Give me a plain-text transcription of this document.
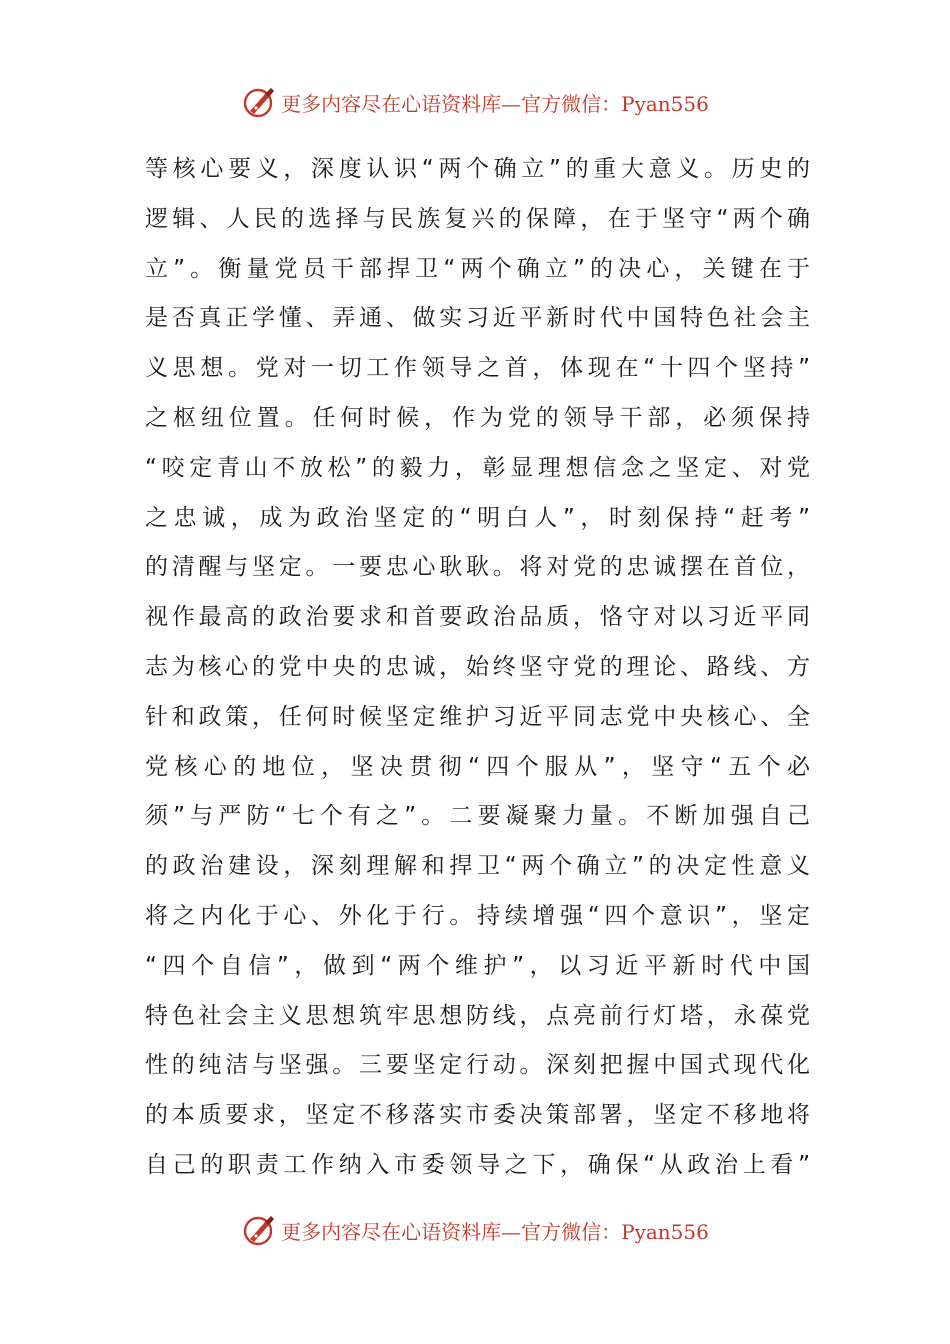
更多内容尽在心语资料库—官方微信：Pyan556
等核心要义，深度认识“两个确立”的重大意义。历史的
逻辑、人民的选择与民族复兴的保障，在于坚守“两个确
立”。衡量党员干部捍卫“两个确立”的决心，关键在于
是否真正学懂、弄通、做实习近平新时代中国特色社会主
义思想。党对一切工作领导之首，体现在“十四个坚持”
之枢纽位置。任何时候，作为党的领导干部，必须保持
“咬定青山不放松”的毅力，彰显理想信念之坚定、对党
之忠诚，成为政治坚定的“明白人”，时刻保持“赶考”
的清醒与坚定。一要忠心耿耿。将对党的忠诚摆在首位，
视作最高的政治要求和首要政治品质，恪守对以习近平同
志为核心的党中央的忠诚，始终坚守党的理论、路线、方
针和政策，任何时候坚定维护习近平同志党中央核心、全
党核心的地位，坚决贯彻“四个服从”，坚守“五个必
须”与严防“七个有之”。二要凝聚力量。不断加强自己
的政治建设，深刻理解和捍卫“两个确立”的决定性意义
将之内化于心、外化于行。持续增强“四个意识”，坚定
“四个自信”，做到“两个维护”，以习近平新时代中国
特色社会主义思想筑牢思想防线，点亮前行灯塔，永葆党
性的纯洁与坚强。三要坚定行动。深刻把握中国式现代化
的本质要求，坚定不移落实市委决策部署，坚定不移地将
自己的职责工作纳入市委领导之下，确保“从政治上看”
更多内容尽在心语资料库—官方微信：Pyan556
